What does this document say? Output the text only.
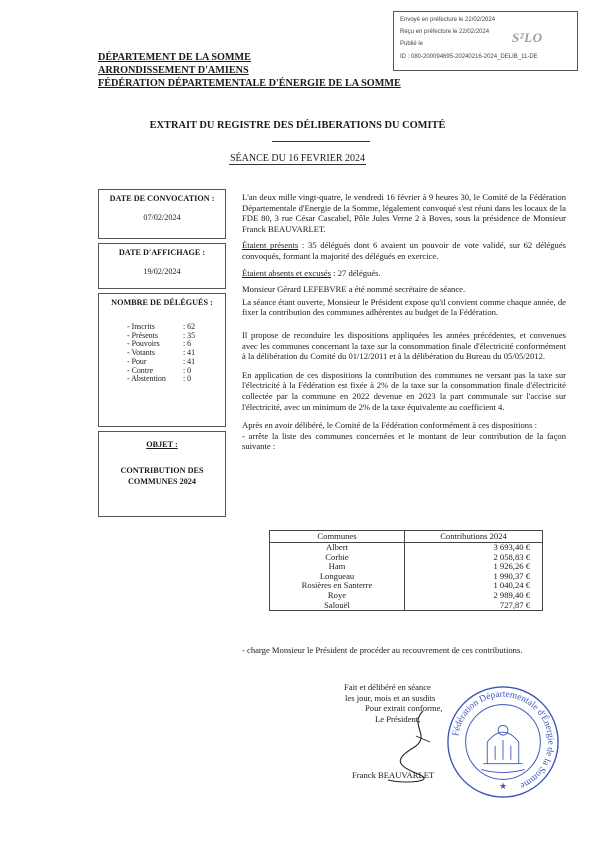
Envoyé en préfecture le 22/02/2024
Reçu en préfecture le 22/02/2024
Publié le
ID : 080-200094695-20240216-2024_DELIB_11-DE
S²LO
DÉPARTEMENT DE LA SOMME
ARRONDISSEMENT D'AMIENS
FÉDÉRATION DÉPARTEMENTALE D'ÉNERGIE DE LA SOMME
EXTRAIT DU REGISTRE DES DÉLIBERATIONS DU COMITÉ
SÉANCE DU 16 FEVRIER 2024
DATE DE CONVOCATION :
07/02/2024
DATE D'AFFICHAGE :
19/02/2024
NOMBRE DE DÉLÉGUÉS :
- Inscrits	: 62
- Présents	: 35
- Pouvoirs	: 6
- Votants	: 41
- Pour	: 41
- Contre	: 0
- Abstention	: 0
OBJET :
CONTRIBUTION DES COMMUNES 2024

L'an deux mille vingt-quatre, le vendredi 16 février à 9 heures 30, le Comité de la Fédération Départementale d'Energie de la Somme, légalement convoqué s'est réuni dans les locaux de la FDE 80, 3 rue César Cascabel, Pôle Jules Verne 2 à Boves, sous la présidence de Monsieur Franck BEAUVARLET.

Étaient présents : 35 délégués dont 6 avaient un pouvoir de vote validé, sur 62 délégués convoqués, formant la majorité des délégués en exercice.

Étaient absents et excusés : 27 délégués.

Monsieur Gérard LEFEBVRE a été nommé secrétaire de séance.

La séance étant ouverte, Monsieur le Président expose qu'il convient comme chaque année, de fixer la contribution des communes adhérentes au budget de la Fédération.

Il propose de reconduire les dispositions appliquées les années précédentes, et convenues avec les communes concernant la taxe sur la consommation finale d'électricité conformément à la délibération du Comité du 01/12/2011 et à la délibération du Bureau du 05/05/2012.

En application de ces dispositions la contribution des communes ne versant pas la taxe sur l'électricité à la Fédération est fixée à 2% de la taxe sur la consommation finale d'électricité collectée par la commune en 2022 devenue en 2023 la part communale sur l'accise sur l'électricité, avec un minimum de 2% de la taxe équivalente au coefficient 4.

Après en avoir délibéré, le Comité de la Fédération conformément à ces dispositions :

- arrête la liste des communes concernées et le montant de leur contribution de la façon suivante :

Communes	Contributions 2024
Albert	3 693,40 €
Corbie	2 058,83 €
Ham	1 926,26 €
Longueau	1 990,37 €
Rosières en Santerre	1 040,24 €
Roye	2 989,40 €
Salouël	727,87 €
- charge Monsieur le Président de procéder au recouvrement de ces contributions.
Fait et délibéré en séance
les jour, mois et an susdits
Pour extrait conforme,
Le Président,
Franck BEAUVARLET
Fédération Départementale d'Énergie de la Somme
★
